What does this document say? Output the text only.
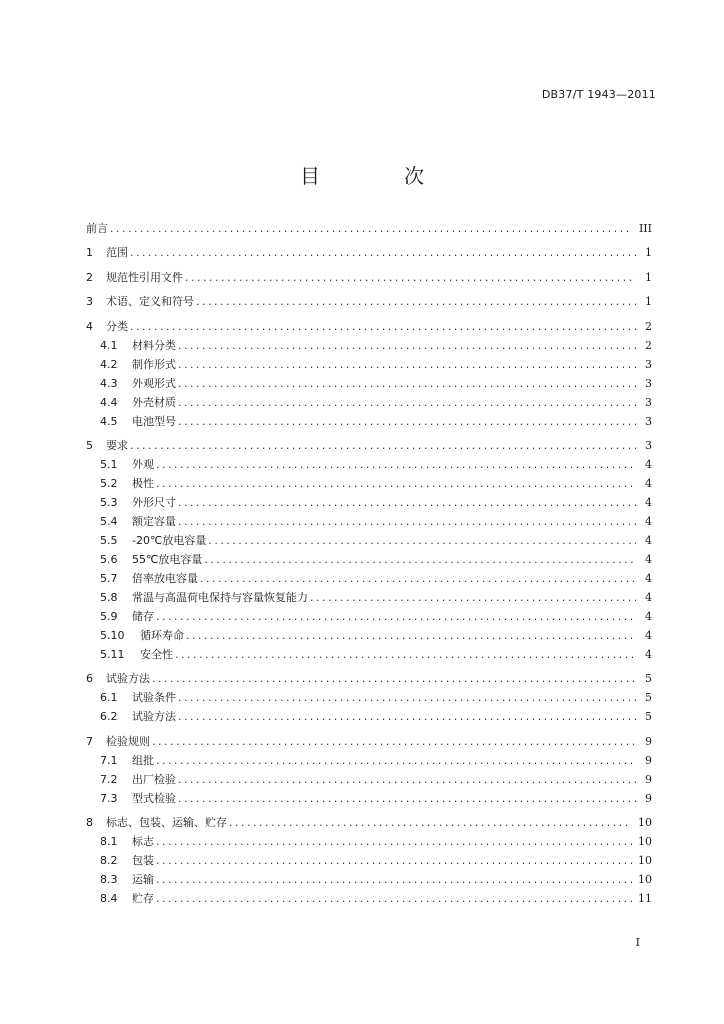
DB37/T 1943—2011
目　次
前言 .....	III
1	范围 .....	1
2	规范性引用文件 .....	1
3	术语、定义和符号 .....	1
4	分类 .....	2
4.1	材料分类 .....	2
4.2	制作形式 .....	3
4.3	外观形式 .....	3
4.4	外壳材质 .....	3
4.5	电池型号 .....	3
5	要求 .....	3
5.1	外观 .....	4
5.2	极性 .....	4
5.3	外形尺寸 .....	4
5.4	额定容量 .....	4
5.5	-20℃放电容量 .....	4
5.6	55℃放电容量 .....	4
5.7	倍率放电容量 .....	4
5.8	常温与高温荷电保持与容量恢复能力 .....	4
5.9	储存 .....	4
5.10	循环寿命 .....	4
5.11	安全性 .....	4
6	试验方法 .....	5
6.1	试验条件 .....	5
6.2	试验方法 .....	5
7	检验规则 .....	9
7.1	组批 .....	9
7.2	出厂检验 .....	9
7.3	型式检验 .....	9
8	标志、包装、运输、贮存 .....	10
8.1	标志 .....	10
8.2	包装 .....	10
8.3	运输 .....	10
8.4	贮存 .....	11
I
